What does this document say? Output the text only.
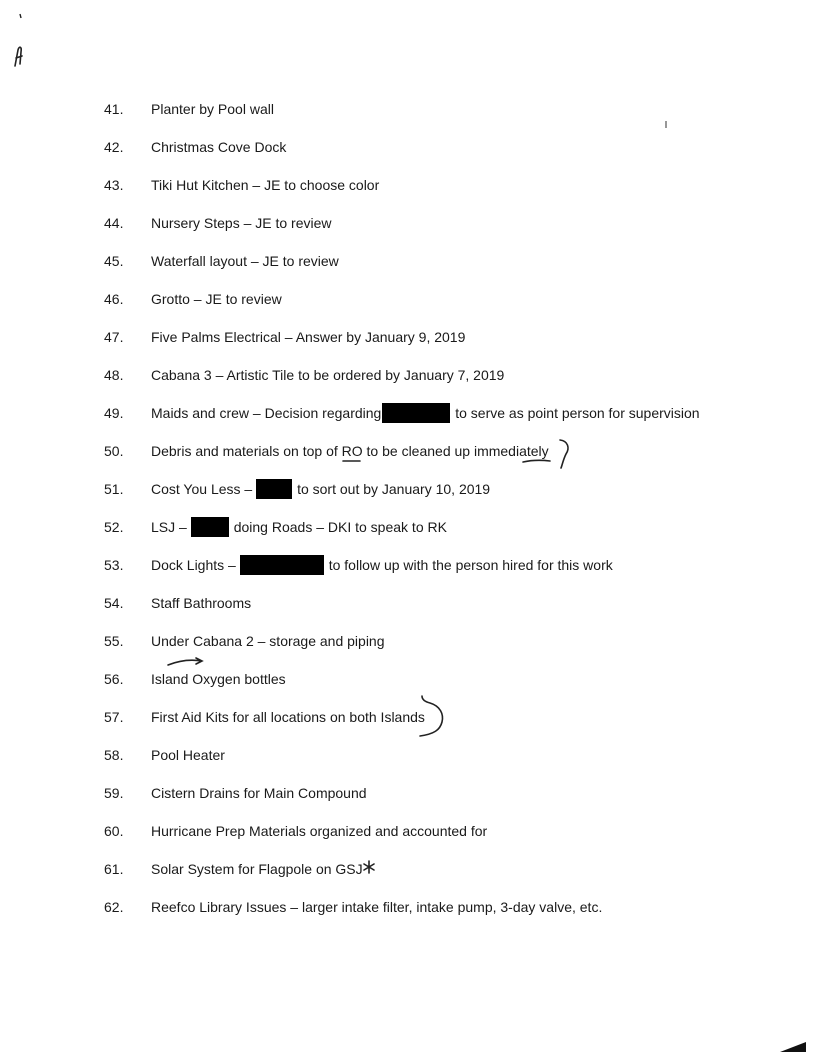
41.	Planter by Pool wall
42.	Christmas Cove Dock
43.	Tiki Hut Kitchen – JE to choose color
44.	Nursery Steps – JE to review
45.	Waterfall layout – JE to review
46.	Grotto – JE to review
47.	Five Palms Electrical – Answer by January 9, 2019
48.	Cabana 3 – Artistic Tile to be ordered by January 7, 2019
49.	Maids and crew – Decision regarding	to serve as point person for supervision
50.	Debris and materials on top of RO to be cleaned up immediately
51.	Cost You Less –	to sort out by January 10, 2019
52.	LSJ –	doing Roads – DKI to speak to RK
53.	Dock Lights –	to follow up with the person hired for this work
54.	Staff Bathrooms
55.	Under Cabana 2 – storage and piping
56.	Island Oxygen bottles
57.	First Aid Kits for all locations on both Islands
58.	Pool Heater
59.	Cistern Drains for Main Compound
60.	Hurricane Prep Materials organized and accounted for
61.	Solar System for Flagpole on GSJ
62.	Reefco Library Issues – larger intake filter, intake pump, 3-day valve, etc.
